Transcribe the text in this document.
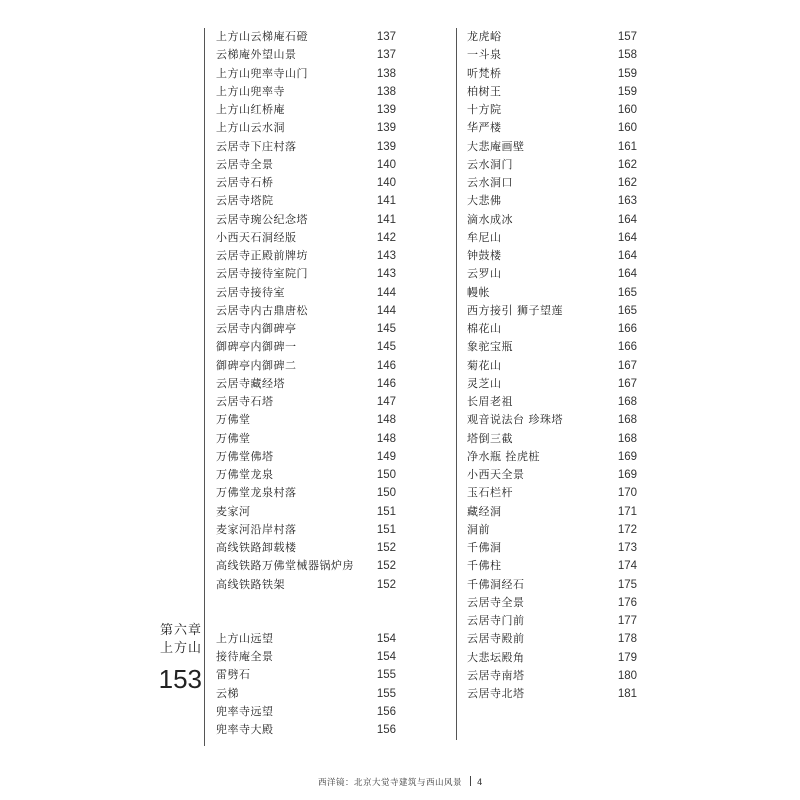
上方山云梯庵石磴	137
云梯庵外望山景	137
上方山兜率寺山门	138
上方山兜率寺	138
上方山红桥庵	139
上方山云水洞	139
云居寺下庄村落	139
云居寺全景	140
云居寺石桥	140
云居寺塔院	141
云居寺琬公纪念塔	141
小西天石洞经版	142
云居寺正殿前牌坊	143
云居寺接待室院门	143
云居寺接待室	144
云居寺内古鼎唐松	144
云居寺内御碑亭	145
御碑亭内御碑一	145
御碑亭内御碑二	146
云居寺藏经塔	146
云居寺石塔	147
万佛堂	148
万佛堂	148
万佛堂佛塔	149
万佛堂龙泉	150
万佛堂龙泉村落	150
麦家河	151
麦家河沿岸村落	151
高线铁路卸载楼	152
高线铁路万佛堂械器锅炉房 152
高线铁路铁架	152
上方山远望	154
接待庵全景	154
雷劈石	155
云梯	155
兜率寺远望	156
兜率寺大殿	156
龙虎峪	157
一斗泉	158
听梵桥	159
柏树王	159
十方院	160
华严楼	160
大悲庵画壁	161
云水洞门	162
云水洞口	162
大悲佛	163
滴水成冰	164
牟尼山	164
钟鼓楼	164
云罗山	164
幔帐	165
西方接引 狮子望莲	165
棉花山	166
象驼宝瓶	166
菊花山	167
灵芝山	167
长眉老祖	168
观音说法台 珍珠塔	168
塔倒三截	168
净水瓶 拴虎桩	169
小西天全景	169
玉石栏杆	170
藏经洞	171
洞前	172
千佛洞	173
千佛柱	174
千佛洞经石	175
云居寺全景	176
云居寺门前	177
云居寺殿前	178
大悲坛殿角	179
云居寺南塔	180
云居寺北塔	181
第六章
上方山
153
西洋镜：北京大觉寺建筑与西山风景 4
